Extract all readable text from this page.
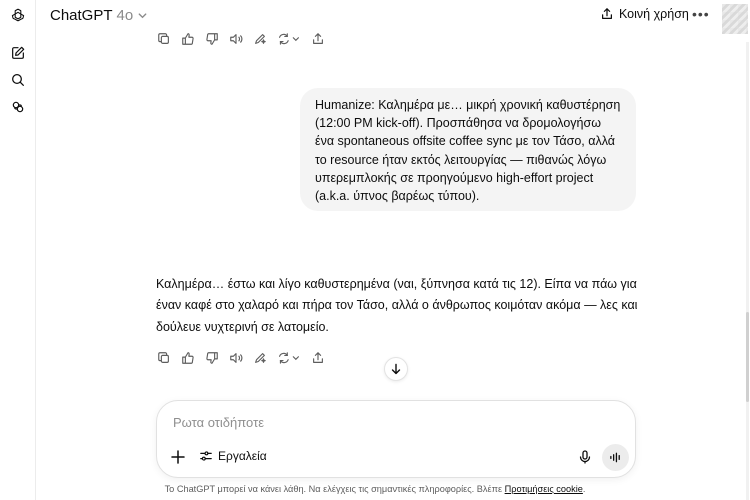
ChatGPT 4o	Κοινή χρήση •••
Humanize: Καλημέρα με… μικρή χρονική καθυστέρηση (12:00 PM kick-off). Προσπάθησα να δρομολογήσω ένα spontaneous offsite coffee sync με τον Τάσο, αλλά το resource ήταν εκτός λειτουργίας — πιθανώς λόγω υπερεμπλοκής σε προηγούμενο high-effort project (a.k.a. ύπνος βαρέως τύπου).
Καλημέρα… έστω και λίγο καθυστερημένα (ναι, ξύπνησα κατά τις 12). Είπα να πάω για έναν καφέ στο χαλαρό και πήρα τον Τάσο, αλλά ο άνθρωπος κοιμόταν ακόμα — λες και δούλευε νυχτερινή σε λατομείο.
Ρωτα οτιδήποτε
Εργαλεία
Το ChatGPT μπορεί να κάνει λάθη. Να ελέγχεις τις σημαντικές πληροφορίες. Βλέπε Προτιμήσεις cookie.
